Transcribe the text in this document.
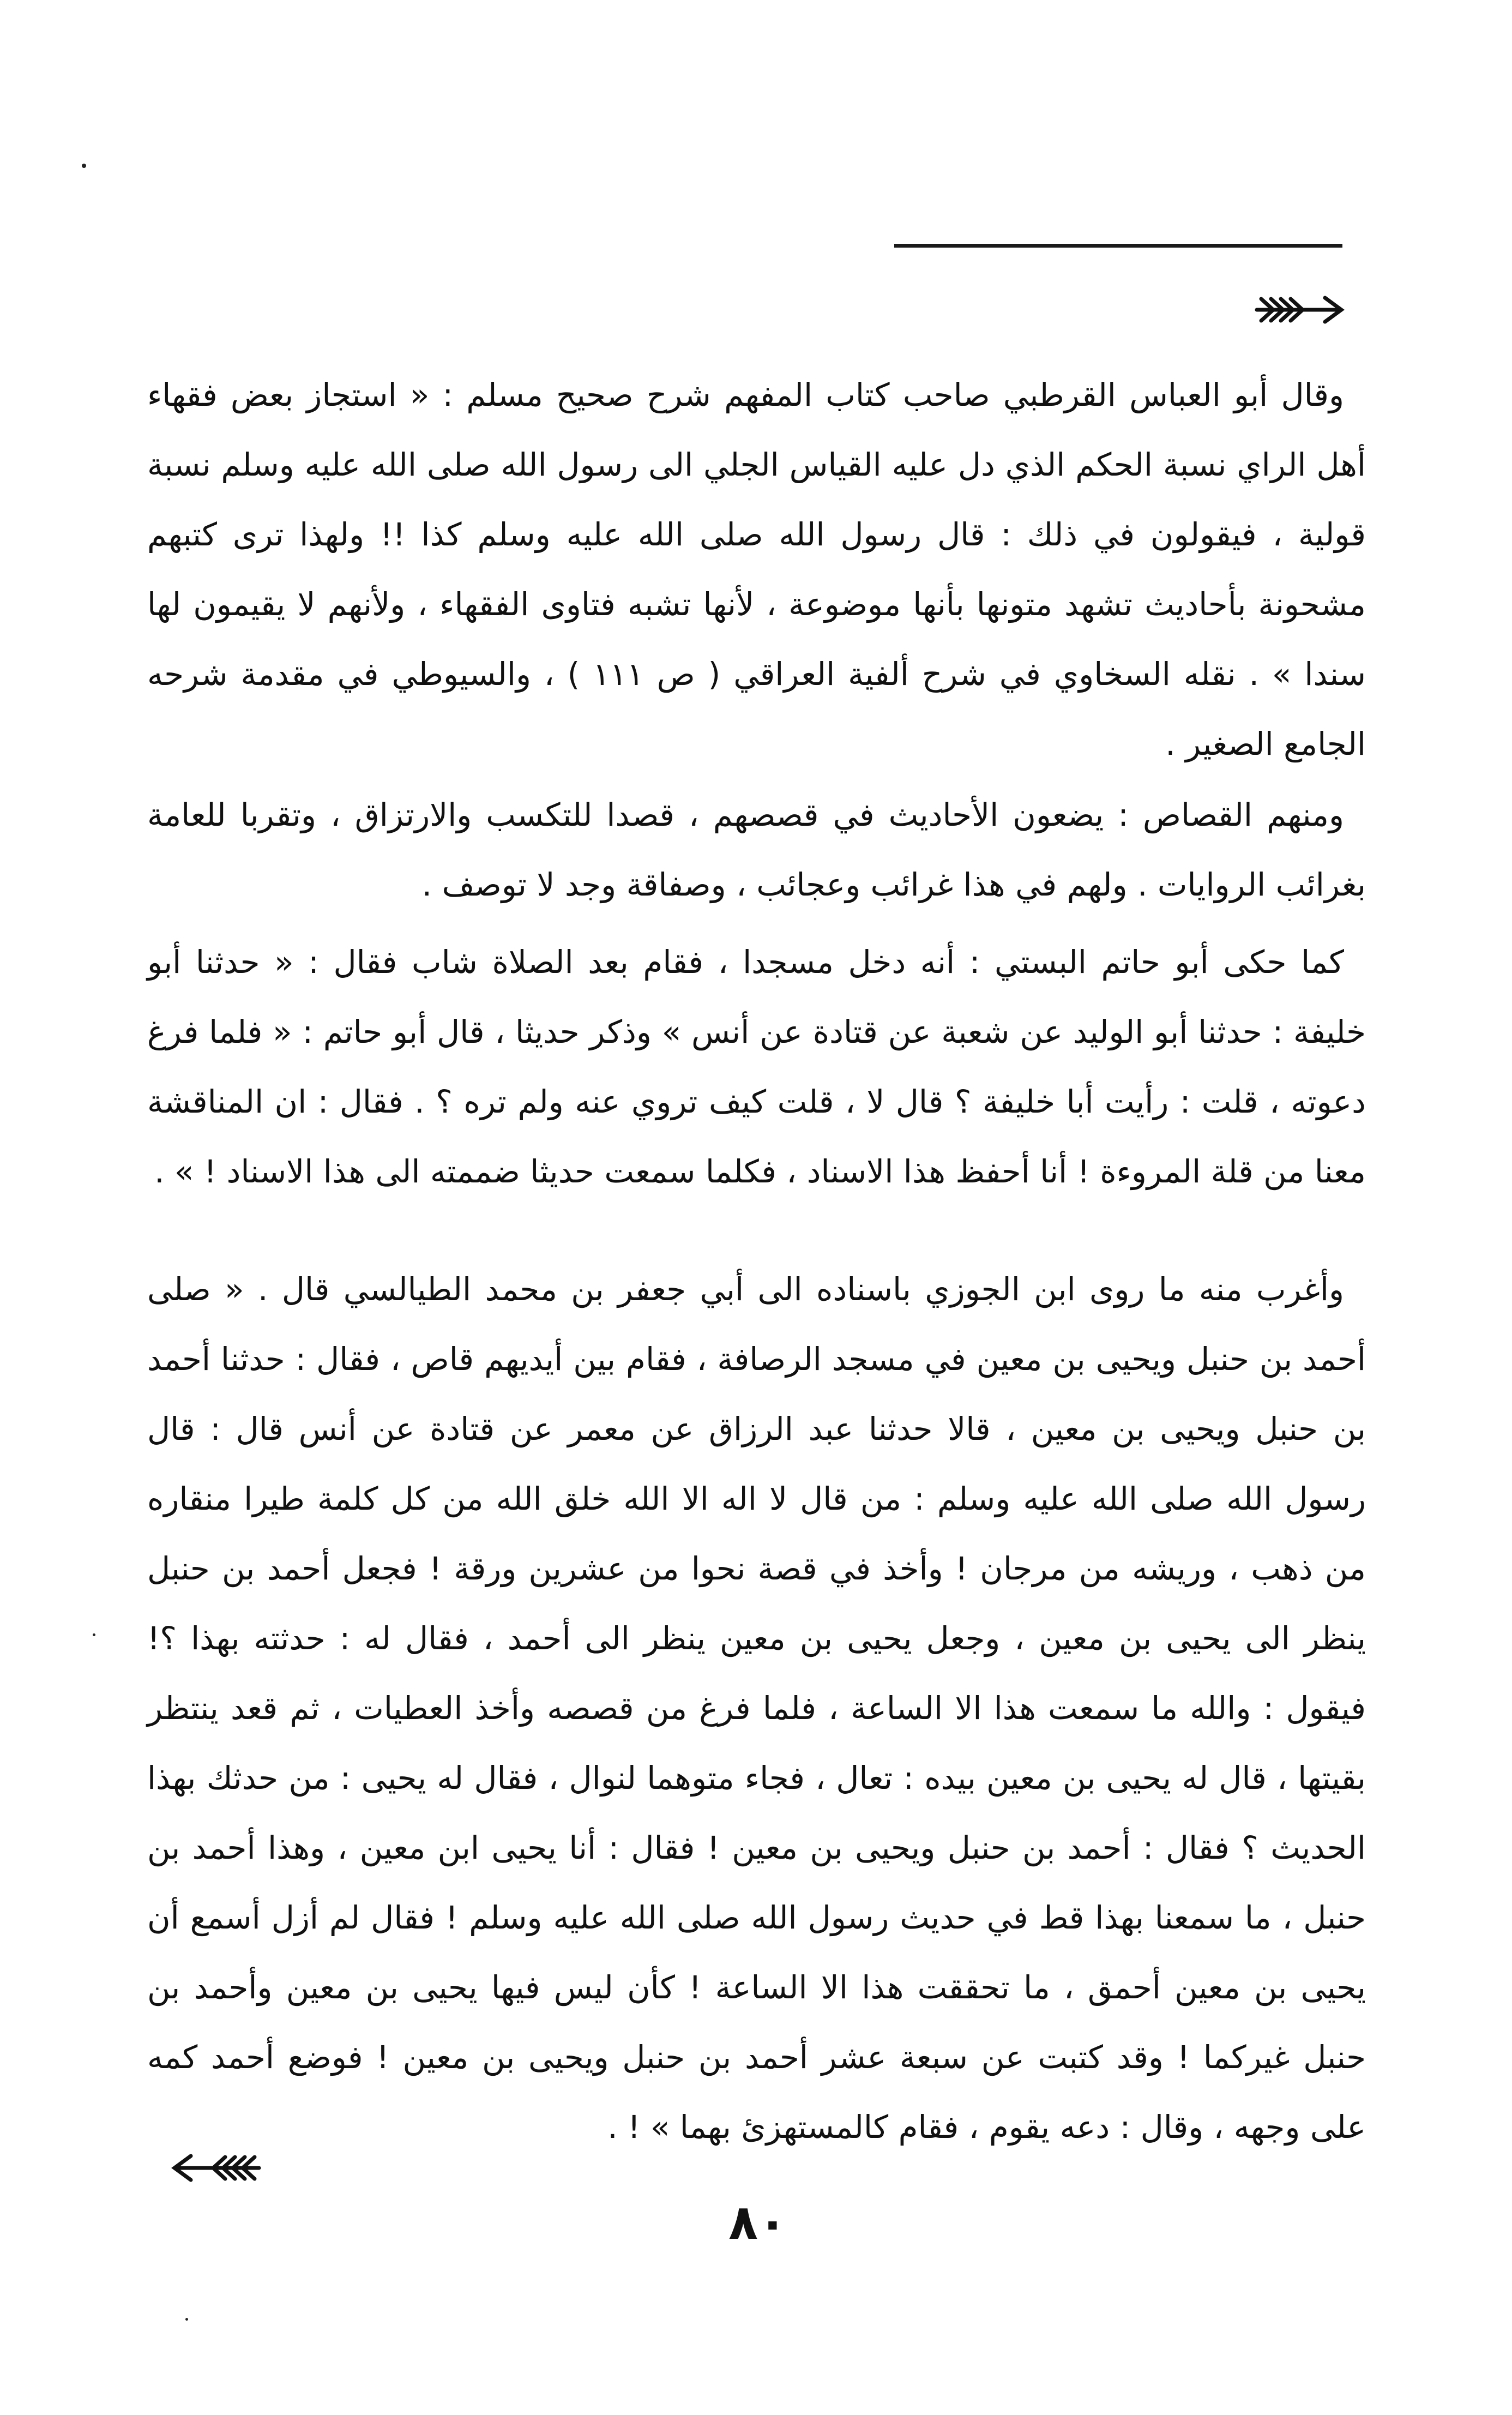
وقال أبو العباس القرطبي صاحب كتاب المفهم شرح صحيح مسلم : « استجاز بعض فقهاء أهل الراي نسبة الحكم الذي دل عليه القياس الجلي الى رسول الله صلى الله عليه وسلم نسبة قولية ، فيقولون في ذلك : قال رسول الله صلى الله عليه وسلم كذا !! ولهذا ترى كتبهم مشحونة بأحاديث تشهد متونها بأنها موضوعة ، لأنها تشبه فتاوى الفقهاء ، ولأنهم لا يقيمون لها سندا » . نقله السخاوي في شرح ألفية العراقي ( ص ١١١ ) ، والسيوطي في مقدمة شرحه الجامع الصغير .

ومنهم القصاص : يضعون الأحاديث في قصصهم ، قصدا للتكسب والارتزاق ، وتقربا للعامة بغرائب الروايات . ولهم في هذا غرائب وعجائب ، وصفاقة وجد لا توصف .

كما حكى أبو حاتم البستي : أنه دخل مسجدا ، فقام بعد الصلاة شاب فقال : « حدثنا أبو خليفة : حدثنا أبو الوليد عن شعبة عن قتادة عن أنس » وذكر حديثا ، قال أبو حاتم : « فلما فرغ دعوته ، قلت : رأيت أبا خليفة ؟ قال لا ، قلت كيف تروي عنه ولم تره ؟ . فقال : ان المناقشة معنا من قلة المروءة ! أنا أحفظ هذا الاسناد ، فكلما سمعت حديثا ضممته الى هذا الاسناد ! » .

وأغرب منه ما روى ابن الجوزي باسناده الى أبي جعفر بن محمد الطيالسي قال . « صلى أحمد بن حنبل ويحيى بن معين في مسجد الرصافة ، فقام بين أيديهم قاص ، فقال : حدثنا أحمد بن حنبل ويحيى بن معين ، قالا حدثنا عبد الرزاق عن معمر عن قتادة عن أنس قال : قال رسول الله صلى الله عليه وسلم : من قال لا اله الا الله خلق الله من كل كلمة طيرا منقاره من ذهب ، وريشه من مرجان ! وأخذ في قصة نحوا من عشرين ورقة ! فجعل أحمد بن حنبل ينظر الى يحيى بن معين ، وجعل يحيى بن معين ينظر الى أحمد ، فقال له : حدثته بهذا ؟! فيقول : والله ما سمعت هذا الا الساعة ، فلما فرغ من قصصه وأخذ العطيات ، ثم قعد ينتظر بقيتها ، قال له يحيى بن معين بيده : تعال ، فجاء متوهما لنوال ، فقال له يحيى : من حدثك بهذا الحديث ؟ فقال : أحمد بن حنبل ويحيى بن معين ! فقال : أنا يحيى ابن معين ، وهذا أحمد بن حنبل ، ما سمعنا بهذا قط في حديث رسول الله صلى الله عليه وسلم ! فقال لم أزل أسمع أن يحيى بن معين أحمق ، ما تحققت هذا الا الساعة ! كأن ليس فيها يحيى بن معين وأحمد بن حنبل غيركما ! وقد كتبت عن سبعة عشر أحمد بن حنبل ويحيى بن معين ! فوضع أحمد كمه على وجهه ، وقال : دعه يقوم ، فقام كالمستهزئ بهما » ! .

٨٠
